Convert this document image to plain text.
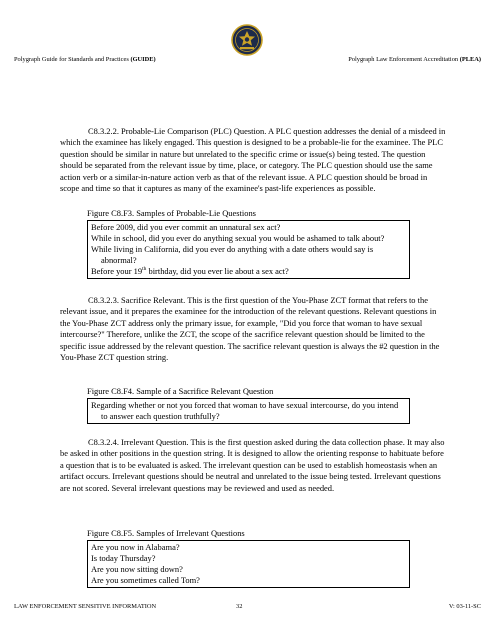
Polygraph Guide for Standards and Practices (GUIDE)	Polygraph Law Enforcement Accreditation (PLEA)

C8.3.2.2. Probable-Lie Comparison (PLC) Question. A PLC question addresses the denial of a misdeed in which the examinee has likely engaged. This question is designed to be a probable-lie for the examinee. The PLC question should be similar in nature but unrelated to the specific crime or issue(s) being tested. The question should be separated from the relevant issue by time, place, or category. The PLC question should use the same action verb or a similar-in-nature action verb as that of the relevant issue. A PLC question should be broad in scope and time so that it captures as many of the examinee's past-life experiences as possible.

Figure C8.F3. Samples of Probable-Lie Questions

Before 2009, did you ever commit an unnatural sex act?

While in school, did you ever do anything sexual you would be ashamed to talk about?

While living in California, did you ever do anything with a date others would say is abnormal?

Before your 19th birthday, did you ever lie about a sex act?

C8.3.2.3. Sacrifice Relevant. This is the first question of the You-Phase ZCT format that refers to the relevant issue, and it prepares the examinee for the introduction of the relevant questions. Relevant questions in the You-Phase ZCT address only the primary issue, for example, "Did you force that woman to have sexual intercourse?" Therefore, unlike the ZCT, the scope of the sacrifice relevant question should be limited to the specific issue addressed by the relevant question. The sacrifice relevant question is always the #2 question in the You-Phase ZCT question string.

Figure C8.F4. Sample of a Sacrifice Relevant Question

Regarding whether or not you forced that woman to have sexual intercourse, do you intend to answer each question truthfully?

C8.3.2.4. Irrelevant Question. This is the first question asked during the data collection phase. It may also be asked in other positions in the question string. It is designed to allow the orienting response to habituate before a question that is to be evaluated is asked. The irrelevant question can be used to establish homeostasis when an artifact occurs. Irrelevant questions should be neutral and unrelated to the issue being tested. Irrelevant questions are not scored. Several irrelevant questions may be reviewed and used as needed.

Figure C8.F5. Samples of Irrelevant Questions

Are you now in Alabama?

Is today Thursday?

Are you now sitting down?

Are you sometimes called Tom?

LAW ENFORCEMENT SENSITIVE INFORMATION	32	V: 03-11-SC
